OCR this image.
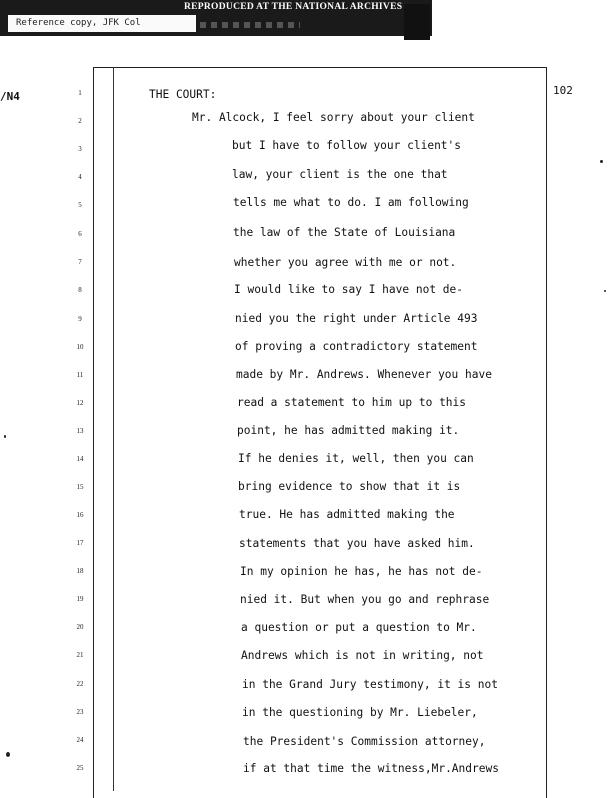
REPRODUCED AT THE NATIONAL ARCHIVES
Reference copy, JFK Col
/N4	102
1	THE COURT:
2	Mr. Alcock, I feel sorry about your client
3	but I have to follow your client's
4	law, your client is the one that
5	tells me what to do. I am following
6	the law of the State of Louisiana
7	whether you agree with me or not.
8	I would like to say I have not de-
9	nied you the right under Article 493
10	of proving a contradictory statement
11	made by Mr. Andrews. Whenever you have
12	read a statement to him up to this
13	point, he has admitted making it.
14	If he denies it, well, then you can
15	bring evidence to show that it is
16	true. He has admitted making the
17	statements that you have asked him.
18	In my opinion he has, he has not de-
19	nied it. But when you go and rephrase
20	a question or put a question to Mr.
21	Andrews which is not in writing, not
22	in the Grand Jury testimony, it is not
23	in the questioning by Mr. Liebeler,
24	the President's Commission attorney,
25	if at that time the witness,Mr.Andrews
